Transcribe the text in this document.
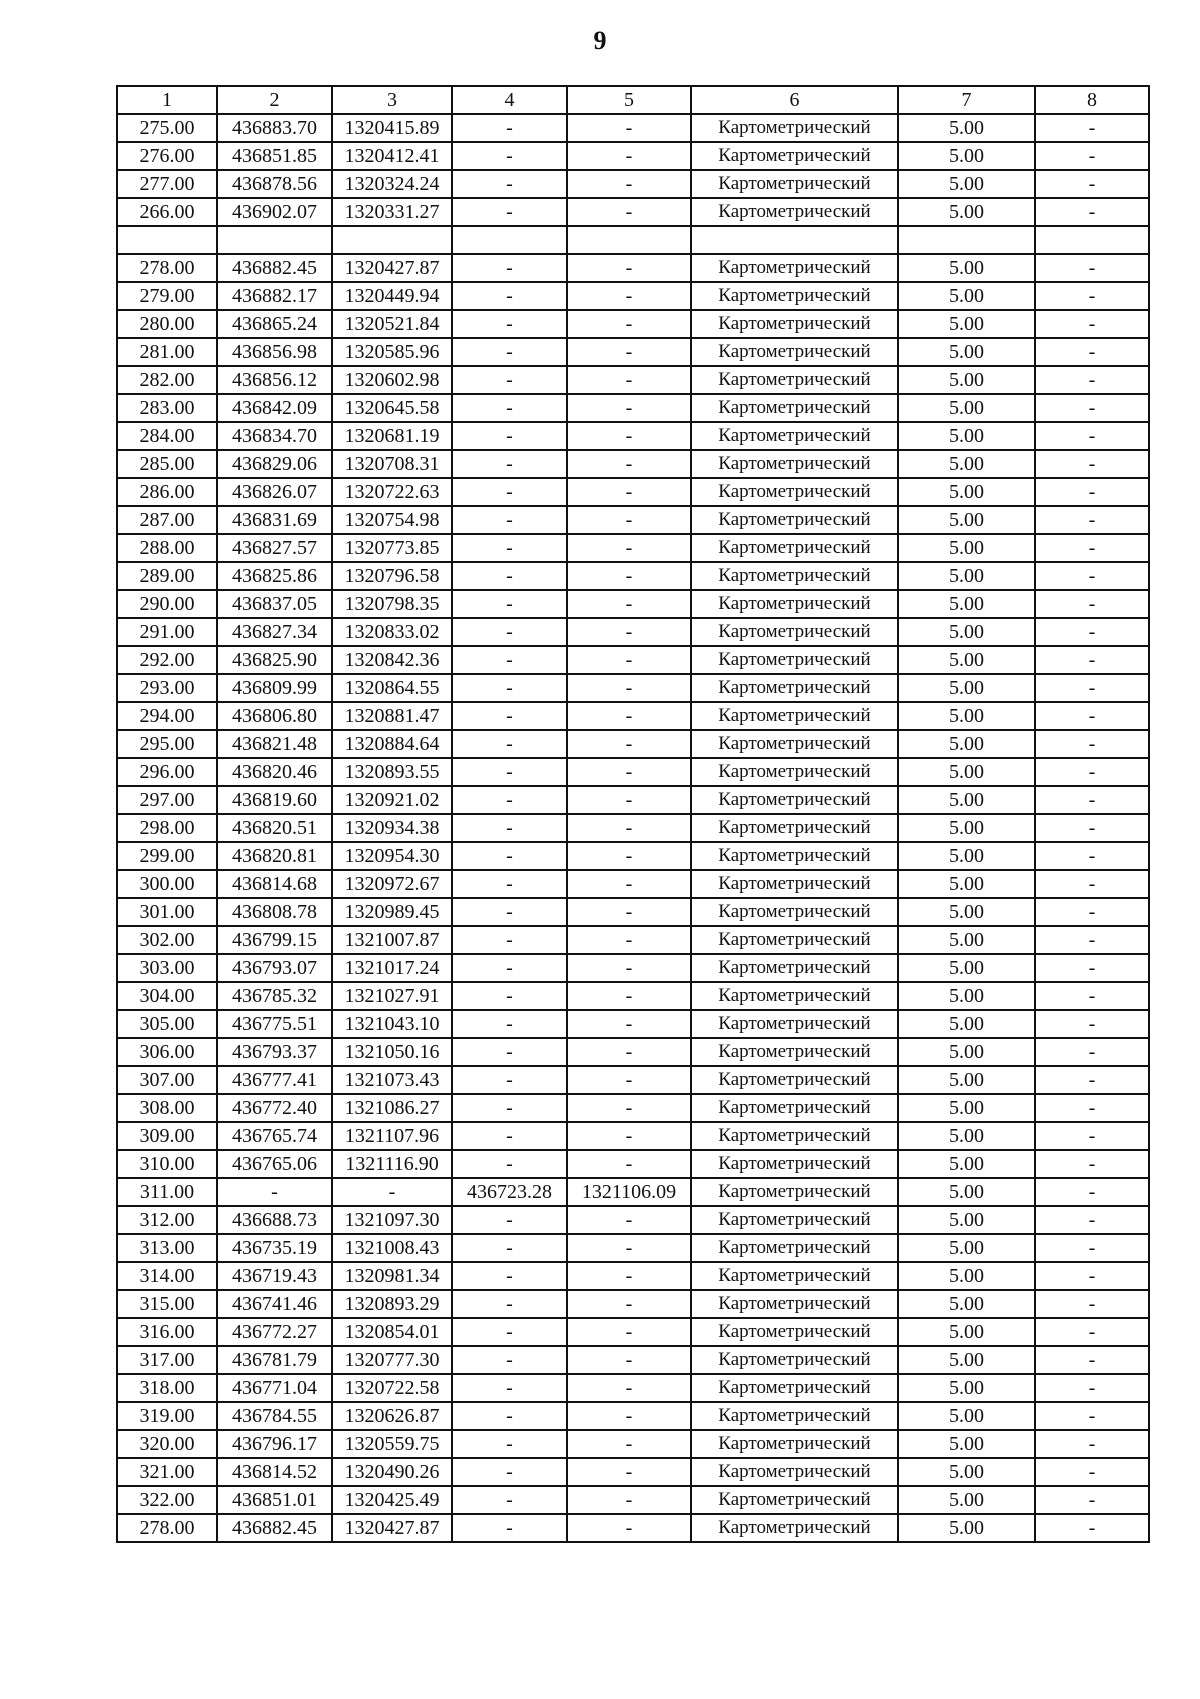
9
1	2	3	4	5	6	7	8
275.00	436883.70	1320415.89	-	-	Картометрический	5.00	-
276.00	436851.85	1320412.41	-	-	Картометрический	5.00	-
277.00	436878.56	1320324.24	-	-	Картометрический	5.00	-
266.00	436902.07	1320331.27	-	-	Картометрический	5.00	-

278.00	436882.45	1320427.87	-	-	Картометрический	5.00	-
279.00	436882.17	1320449.94	-	-	Картометрический	5.00	-
280.00	436865.24	1320521.84	-	-	Картометрический	5.00	-
281.00	436856.98	1320585.96	-	-	Картометрический	5.00	-
282.00	436856.12	1320602.98	-	-	Картометрический	5.00	-
283.00	436842.09	1320645.58	-	-	Картометрический	5.00	-
284.00	436834.70	1320681.19	-	-	Картометрический	5.00	-
285.00	436829.06	1320708.31	-	-	Картометрический	5.00	-
286.00	436826.07	1320722.63	-	-	Картометрический	5.00	-
287.00	436831.69	1320754.98	-	-	Картометрический	5.00	-
288.00	436827.57	1320773.85	-	-	Картометрический	5.00	-
289.00	436825.86	1320796.58	-	-	Картометрический	5.00	-
290.00	436837.05	1320798.35	-	-	Картометрический	5.00	-
291.00	436827.34	1320833.02	-	-	Картометрический	5.00	-
292.00	436825.90	1320842.36	-	-	Картометрический	5.00	-
293.00	436809.99	1320864.55	-	-	Картометрический	5.00	-
294.00	436806.80	1320881.47	-	-	Картометрический	5.00	-
295.00	436821.48	1320884.64	-	-	Картометрический	5.00	-
296.00	436820.46	1320893.55	-	-	Картометрический	5.00	-
297.00	436819.60	1320921.02	-	-	Картометрический	5.00	-
298.00	436820.51	1320934.38	-	-	Картометрический	5.00	-
299.00	436820.81	1320954.30	-	-	Картометрический	5.00	-
300.00	436814.68	1320972.67	-	-	Картометрический	5.00	-
301.00	436808.78	1320989.45	-	-	Картометрический	5.00	-
302.00	436799.15	1321007.87	-	-	Картометрический	5.00	-
303.00	436793.07	1321017.24	-	-	Картометрический	5.00	-
304.00	436785.32	1321027.91	-	-	Картометрический	5.00	-
305.00	436775.51	1321043.10	-	-	Картометрический	5.00	-
306.00	436793.37	1321050.16	-	-	Картометрический	5.00	-
307.00	436777.41	1321073.43	-	-	Картометрический	5.00	-
308.00	436772.40	1321086.27	-	-	Картометрический	5.00	-
309.00	436765.74	1321107.96	-	-	Картометрический	5.00	-
310.00	436765.06	1321116.90	-	-	Картометрический	5.00	-
311.00	-	-	436723.28	1321106.09	Картометрический	5.00	-
312.00	436688.73	1321097.30	-	-	Картометрический	5.00	-
313.00	436735.19	1321008.43	-	-	Картометрический	5.00	-
314.00	436719.43	1320981.34	-	-	Картометрический	5.00	-
315.00	436741.46	1320893.29	-	-	Картометрический	5.00	-
316.00	436772.27	1320854.01	-	-	Картометрический	5.00	-
317.00	436781.79	1320777.30	-	-	Картометрический	5.00	-
318.00	436771.04	1320722.58	-	-	Картометрический	5.00	-
319.00	436784.55	1320626.87	-	-	Картометрический	5.00	-
320.00	436796.17	1320559.75	-	-	Картометрический	5.00	-
321.00	436814.52	1320490.26	-	-	Картометрический	5.00	-
322.00	436851.01	1320425.49	-	-	Картометрический	5.00	-
278.00	436882.45	1320427.87	-	-	Картометрический	5.00	-
